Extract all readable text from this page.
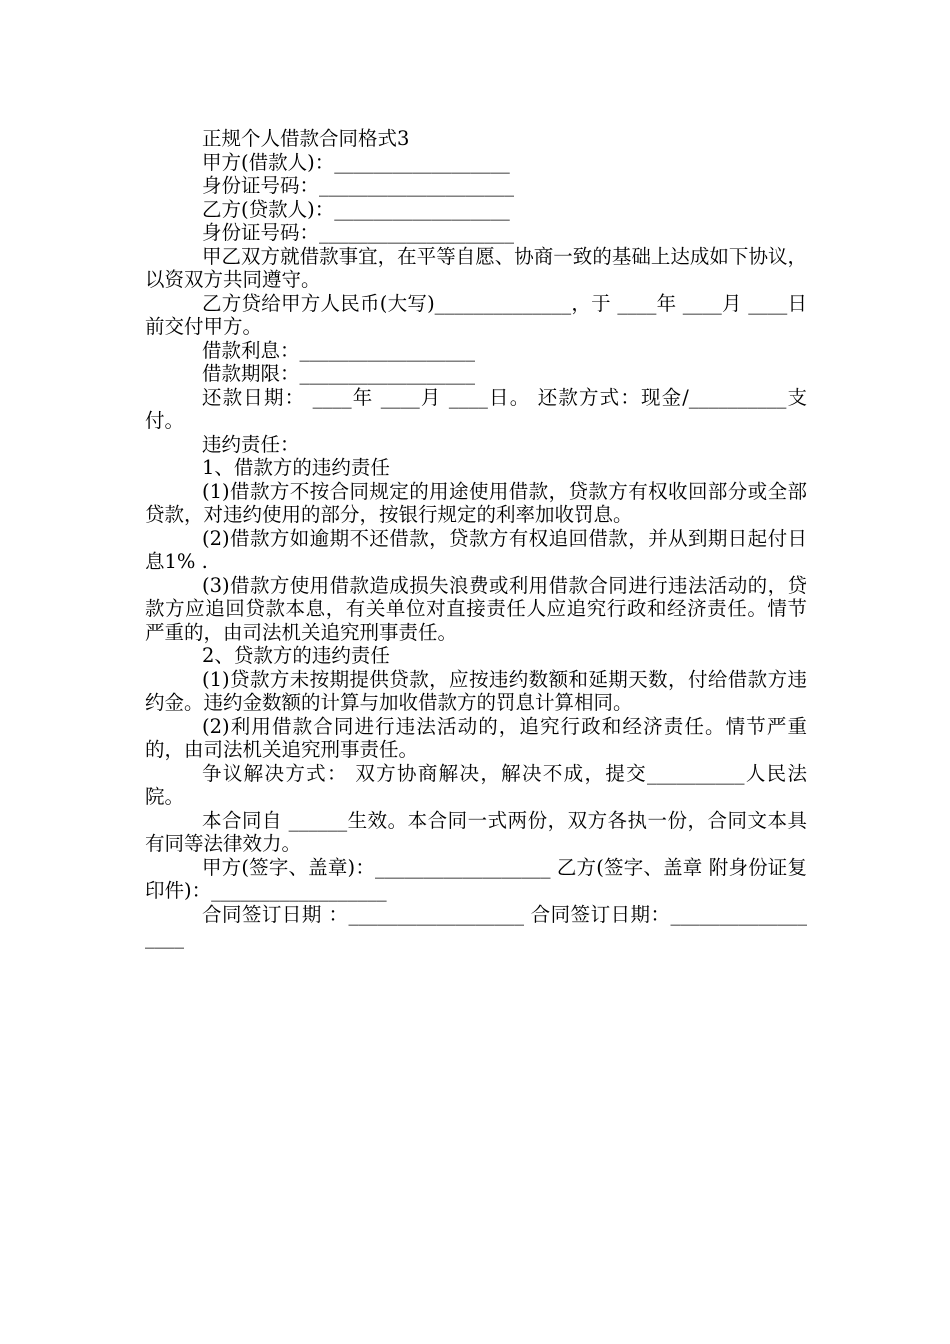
正规个人借款合同格式3

甲方(借款人)：__________________

身份证号码：____________________

乙方(贷款人)：__________________

身份证号码：____________________

甲乙双方就借款事宜，在平等自愿、协商一致的基础上达成如下协议，以资双方共同遵守。

乙方贷给甲方人民币(大写)______________，于 ____年 ____月 ____日前交付甲方。

借款利息：__________________

借款期限：__________________

还款日期： ____年 ____月 ____日。 还款方式：现金/__________支付。

违约责任：

1、借款方的违约责任

(1)借款方不按合同规定的用途使用借款，贷款方有权收回部分或全部贷款，对违约使用的部分，按银行规定的利率加收罚息。

(2)借款方如逾期不还借款，贷款方有权追回借款，并从到期日起付日息1% .

(3)借款方使用借款造成损失浪费或利用借款合同进行违法活动的，贷款方应追回贷款本息，有关单位对直接责任人应追究行政和经济责任。情节严重的，由司法机关追究刑事责任。

2、贷款方的违约责任

(1)贷款方未按期提供贷款，应按违约数额和延期天数，付给借款方违约金。违约金数额的计算与加收借款方的罚息计算相同。

(2)利用借款合同进行违法活动的，追究行政和经济责任。情节严重的，由司法机关追究刑事责任。

争议解决方式： 双方协商解决，解决不成，提交__________人民法院。

本合同自 ______生效。本合同一式两份，双方各执一份，合同文本具有同等法律效力。

甲方(签字、盖章)：__________________ 乙方(签字、盖章 附身份证复印件)：__________________

合同签订日期 ：__________________ 合同签订日期：__________________
